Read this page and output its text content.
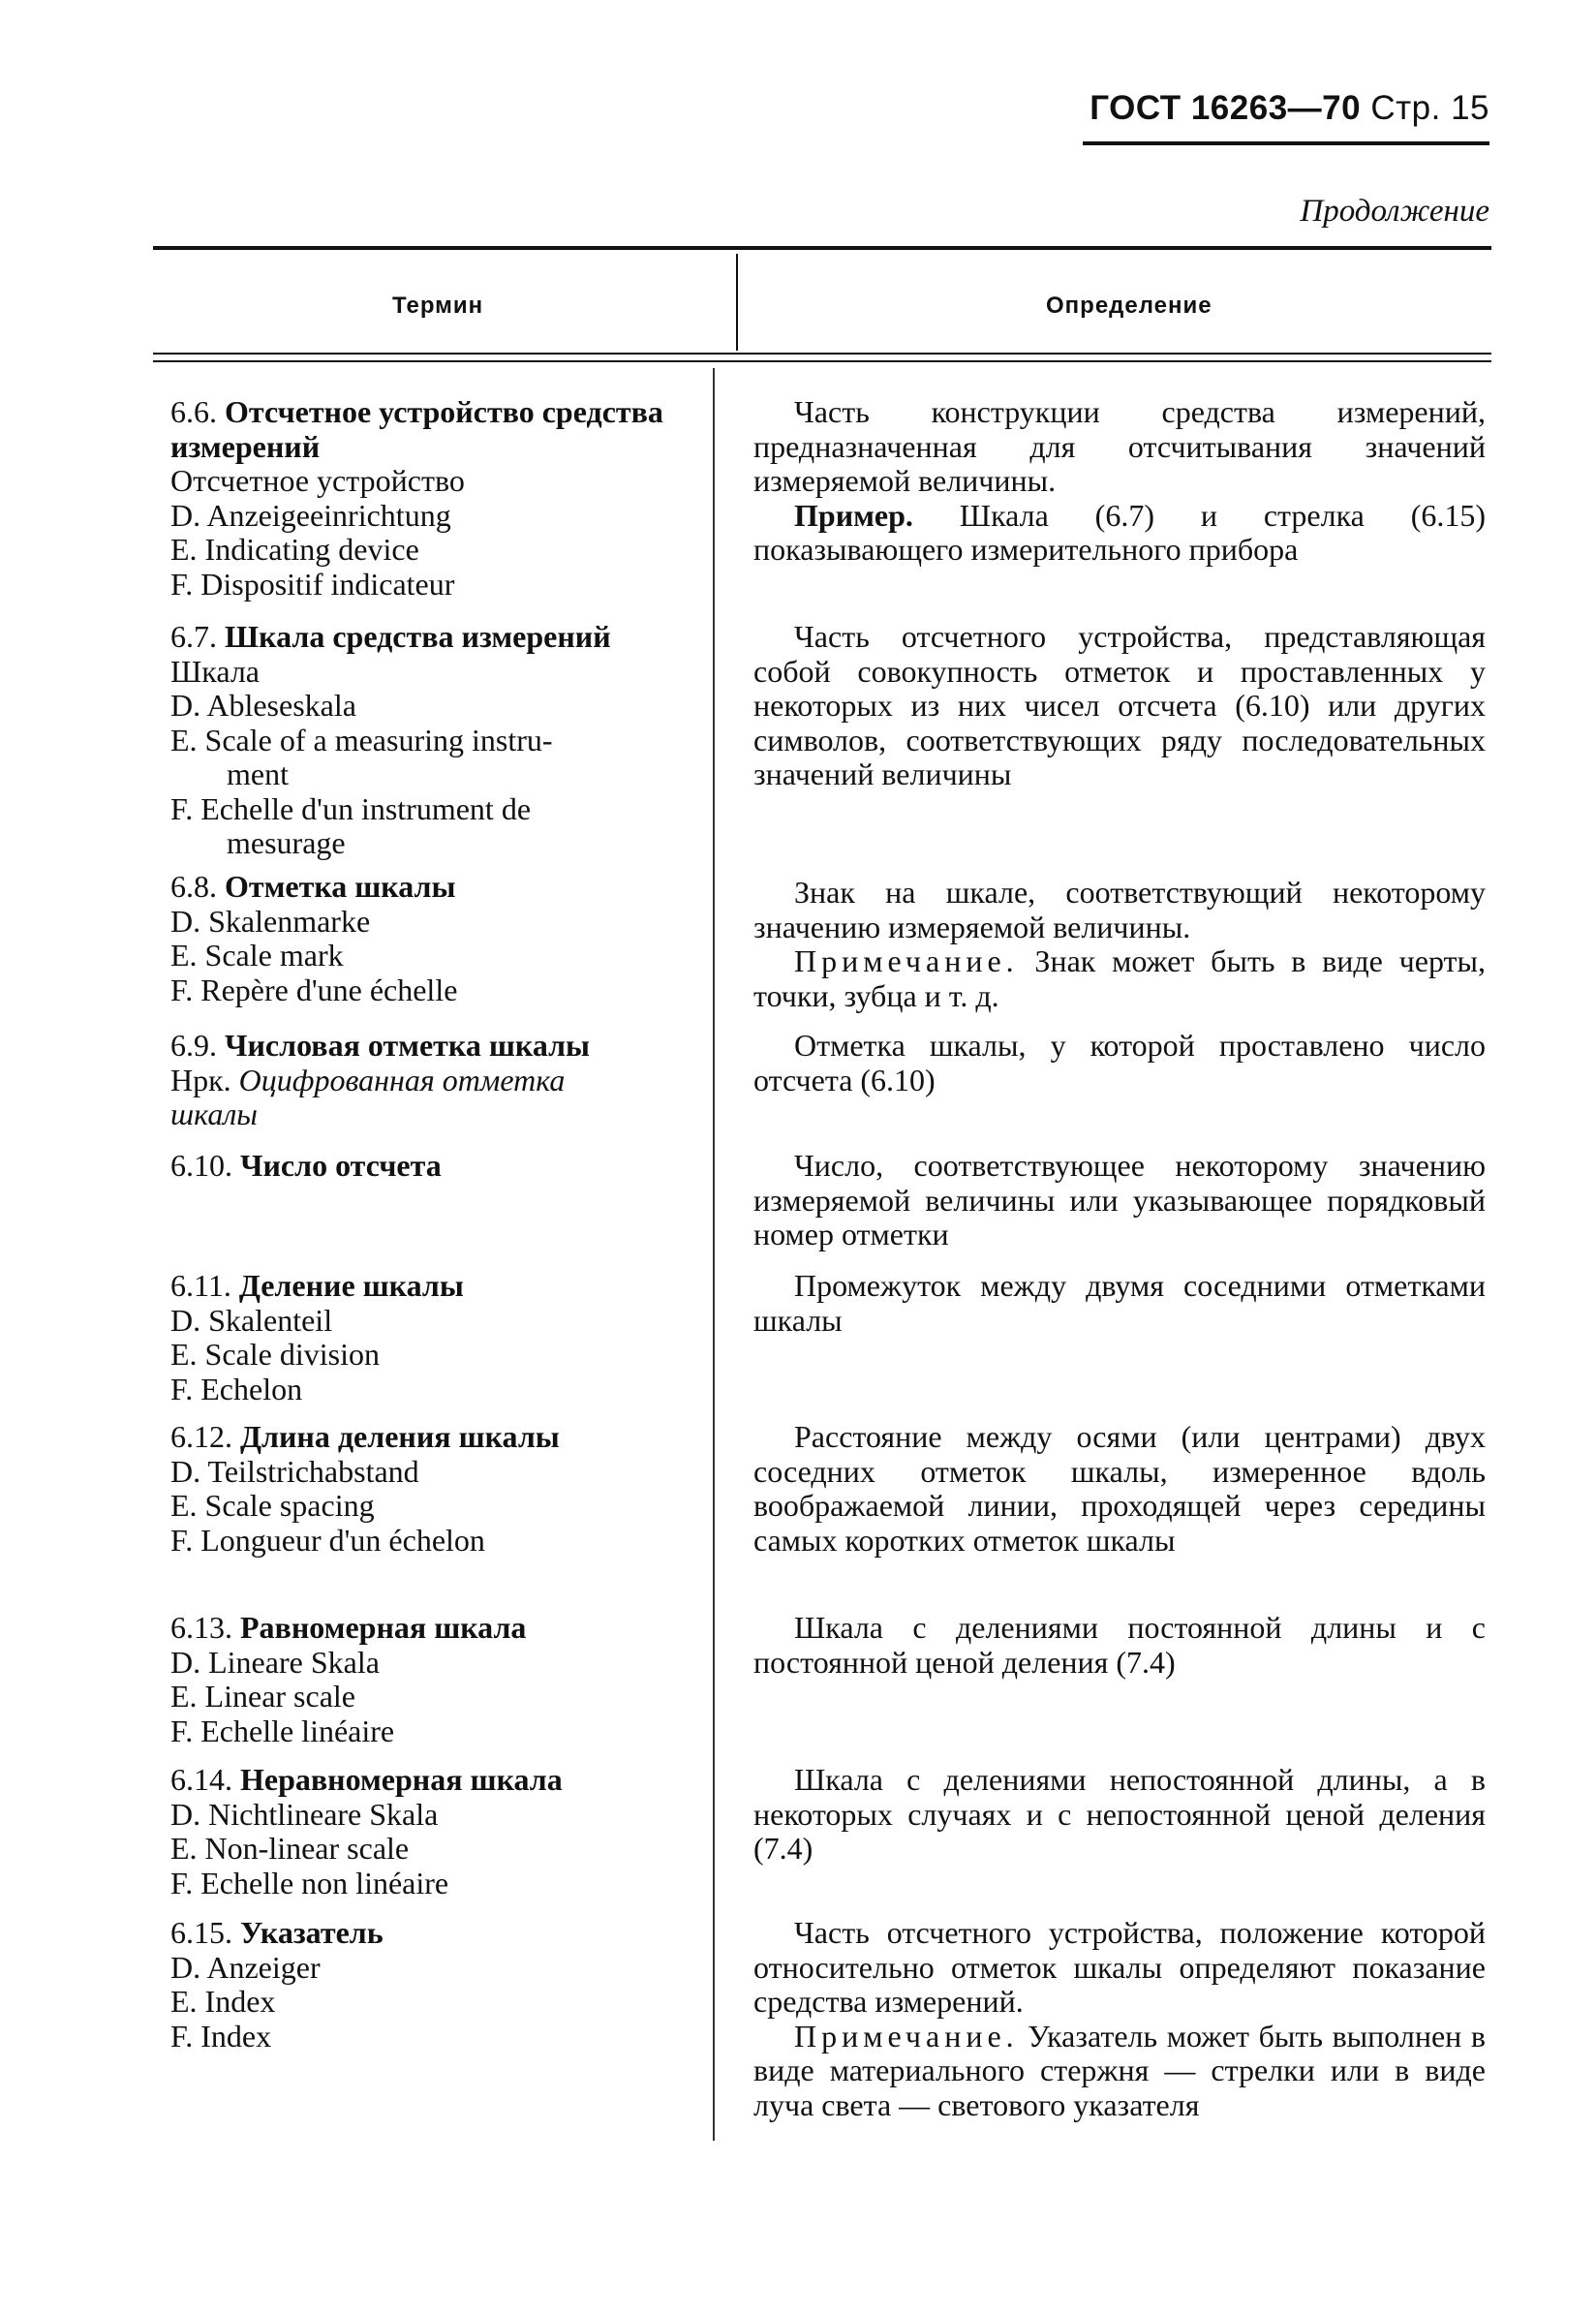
ГОСТ 16263—70 Стр. 15
Продолжение
Термин	Определение
6.6. Отсчетное устройство средства измерений
Отсчетное устройство
D. Anzeigeeinrichtung
E. Indicating device
F. Dispositif indicateur
6.7. Шкала средства измерений
Шкала
D. Ableseskala
E. Scale of a measuring instru-
ment
F. Echelle d'un instrument de
mesurage
6.8. Отметка шкалы
D. Skalenmarke
E. Scale mark
F. Repère d'une échelle
6.9. Числовая отметка шкалы
Нрк. Оцифрованная отметка
шкалы
6.10. Число отсчета
6.11. Деление шкалы
D. Skalenteil
E. Scale division
F. Echelon
6.12. Длина деления шкалы
D. Teilstrichabstand
E. Scale spacing
F. Longueur d'un échelon
6.13. Равномерная шкала
D. Lineare Skala
E. Linear scale
F. Echelle linéaire
6.14. Неравномерная шкала
D. Nichtlineare Skala
E. Non-linear scale
F. Echelle non linéaire
6.15. Указатель
D. Anzeiger
E. Index
F. Index

Часть конструкции средства измерений, предназначенная для отсчитывания значений измеряемой величины.

Пример. Шкала (6.7) и стрелка (6.15) показывающего измерительного прибора

Часть отсчетного устройства, представляющая собой совокупность отметок и проставленных у некоторых из них чисел отсчета (6.10) или других символов, соответствующих ряду последовательных значений величины

Знак на шкале, соответствующий некоторому значению измеряемой величины.

Примечание. Знак может быть в виде черты, точки, зубца и т. д.

Отметка шкалы, у которой проставлено число отсчета (6.10)

Число, соответствующее некоторому значению измеряемой величины или указывающее порядковый номер отметки

Промежуток между двумя соседними отметками шкалы

Расстояние между осями (или центрами) двух соседних отметок шкалы, измеренное вдоль воображаемой линии, проходящей через середины самых коротких отметок шкалы

Шкала с делениями постоянной длины и с постоянной ценой деления (7.4)

Шкала с делениями непостоянной длины, а в некоторых случаях и с непостоянной ценой деления (7.4)

Часть отсчетного устройства, положение которой относительно отметок шкалы определяют показание средства измерений.

Примечание. Указатель может быть выполнен в виде материального стержня — стрелки или в виде луча света — светового указателя
